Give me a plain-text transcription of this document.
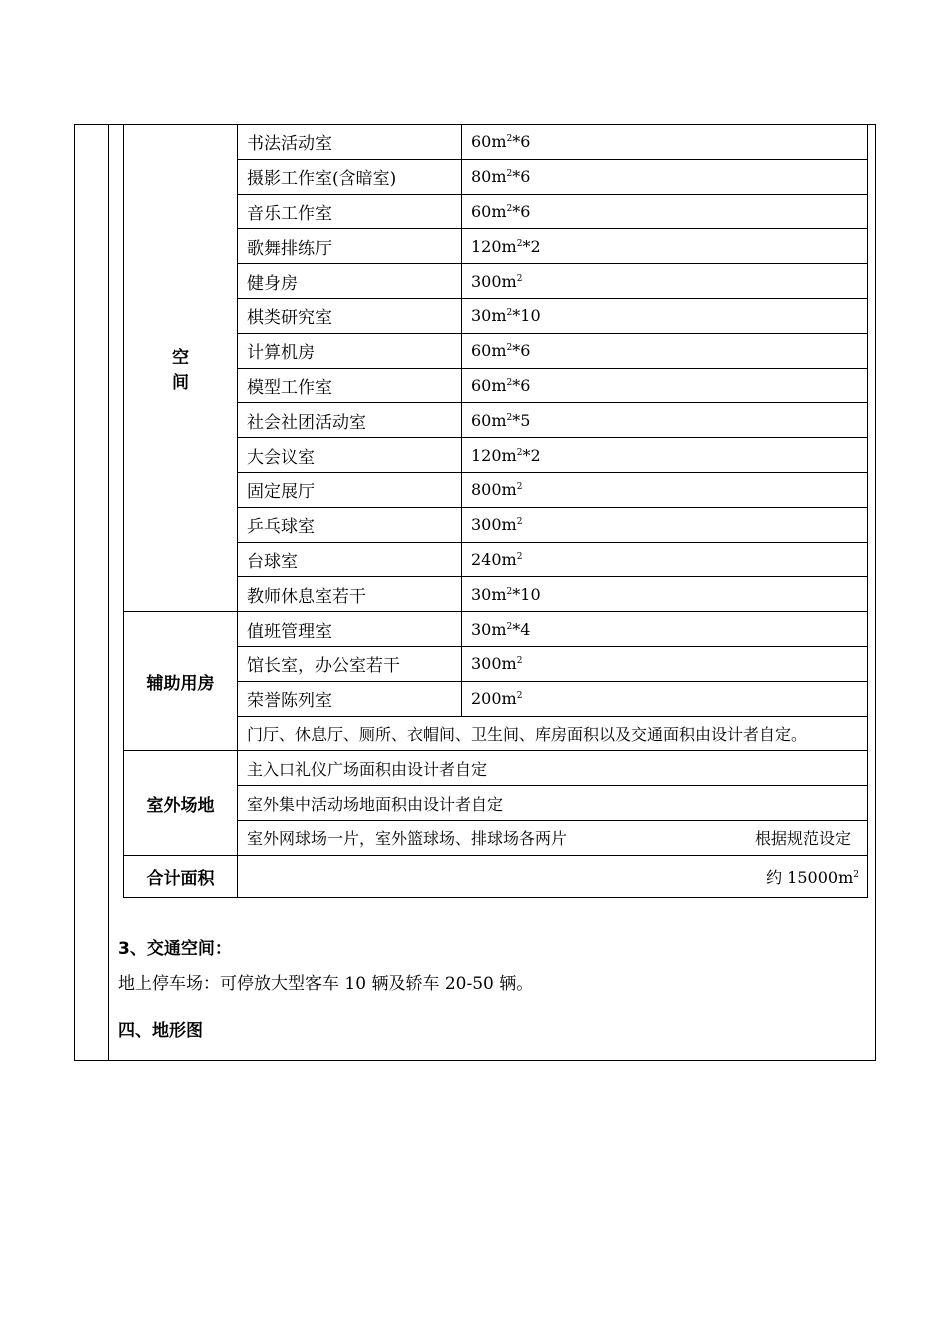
空
间	书法活动室	$60m^2*6$
	摄影工作室(含暗室)	$80m^2*6$
	音乐工作室	$60m^2*6$
	歌舞排练厅	$120m^2*2$
	健身房	$300m^2$
	棋类研究室	$30m^2*10$
	计算机房	$60m^2*6$
	模型工作室	$60m^2*6$
	社会社团活动室	$60m^2*5$
	大会议室	$120m^2*2$
	固定展厅	$800m^2$
	乒乓球室	$300m^2$
	台球室	$240m^2$
	教师休息室若干	$30m^2*10$
辅助用房	值班管理室	$30m^2*4$
	馆长室，办公室若干	$300m^2$
	荣誉陈列室	$200m^2$
	门厅、休息厅、厕所、衣帽间、卫生间、库房面积以及交通面积由设计者自定。	
室外场地	主入口礼仪广场面积由设计者自定	
	室外集中活动场地面积由设计者自定	

	室外网球场一片，室外篮球场、排球场各两片 根据规范设定	

合计面积	约 $15000m^2$
3、交通空间：
地上停车场：可停放大型客车 10 辆及轿车 20-50 辆。
四、地形图
